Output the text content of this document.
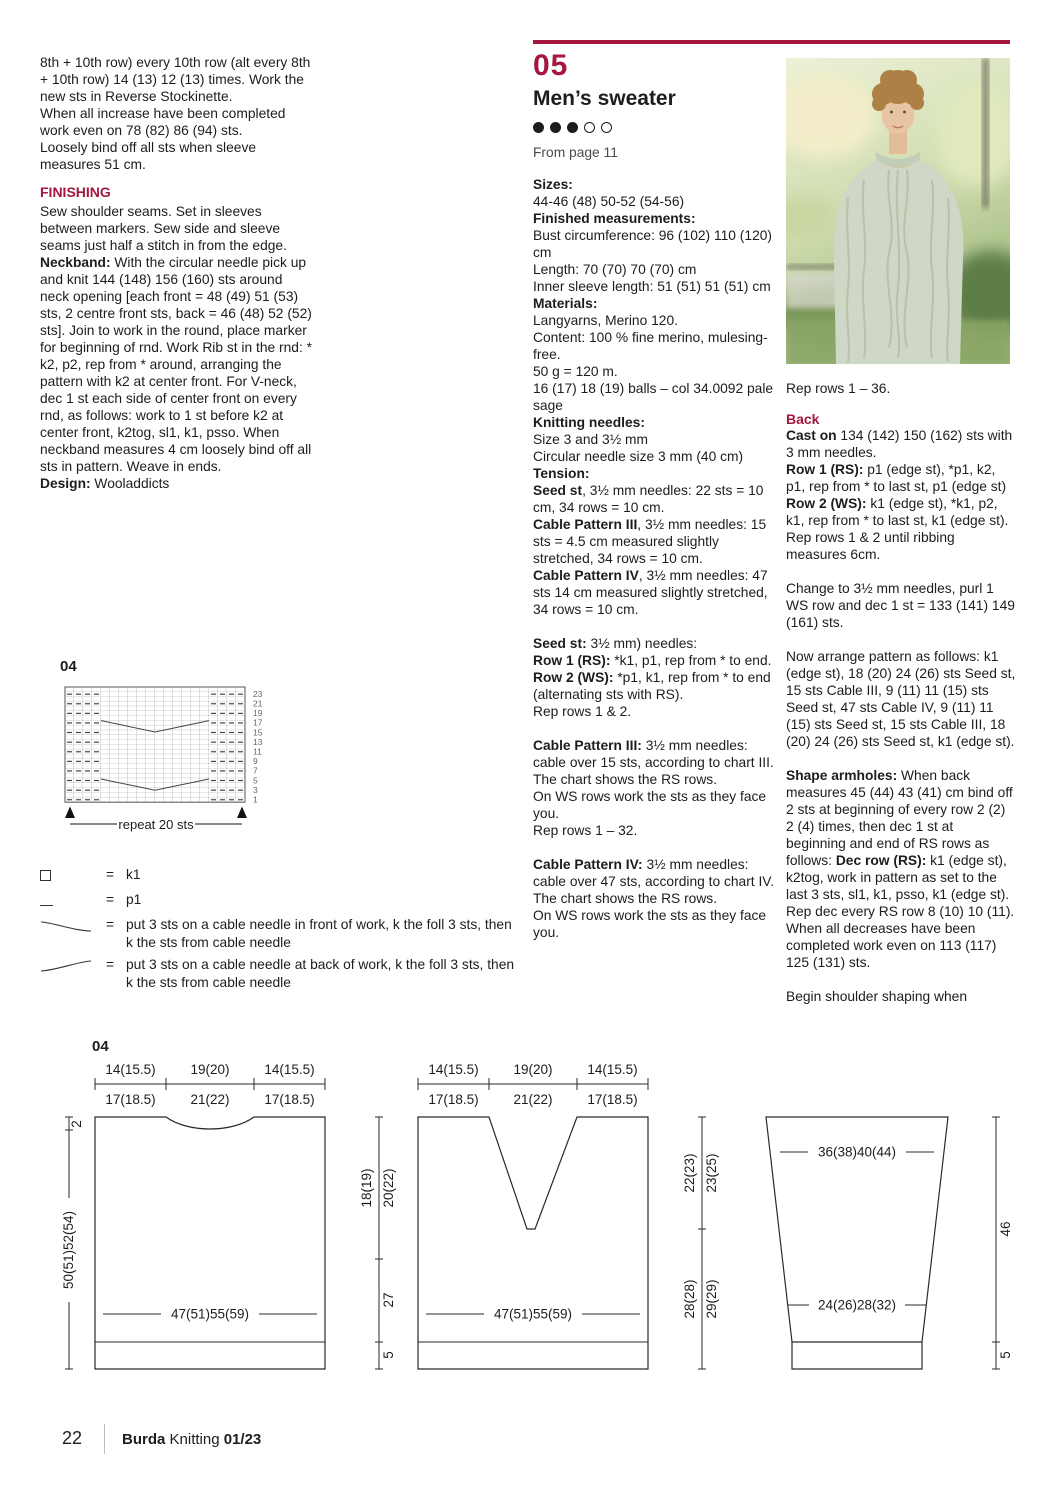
8th + 10th row) every 10th row (alt every 8th + 10th row) 14 (13) 12 (13) times. Work the new sts in Reverse Stockinette.

When all increase have been completed work even on 78 (82) 86 (94) sts.

Loosely bind off all sts when sleeve measures 51 cm.

FINISHING

Sew shoulder seams. Set in sleeves between markers. Sew side and sleeve seams just half a stitch in from the edge.

Neckband: With the circular needle pick up and knit 144 (148) 156 (160) sts around neck opening [each front = 48 (49) 51 (53) sts, 2 centre front sts, back = 46 (48) 52 (52) sts]. Join to work in the round, place marker for beginning of rnd. Work Rib st in the rnd: * k2, p2, rep from * around, arranging the pattern with k2 at center front. For V-neck, dec 1 st each side of center front on every rnd, as follows: work to 1 st before k2 at center front, k2tog, sl1, k1, psso. When neckband measures 4 cm loosely bind off all sts in pattern. Weave in ends.

Design: Wooladdicts

04
23
21
19
17
15
13
11
9
7
5
3
1
repeat 20 sts
= k1
= p1
= put 3 sts on a cable needle in front of work, k the foll 3 sts, then k the sts from cable needle
= put 3 sts on a cable needle at back of work, k the foll 3 sts, then k the sts from cable needle
05
Men’s sweater
From page 11

Sizes:

44-46 (48) 50-52 (54-56)

Finished measurements:

Bust circumference: 96 (102) 110 (120) cm

Length: 70 (70) 70 (70) cm

Inner sleeve length: 51 (51) 51 (51) cm

Materials:

Langyarns, Merino 120.

Content: 100 % fine merino, mulesing-free.

50 g = 120 m.

16 (17) 18 (19) balls – col 34.0092 pale sage

Knitting needles:

Size 3 and 3½ mm

Circular needle size 3 mm (40 cm)

Tension:

Seed st, 3½ mm needles: 22 sts = 10 cm, 34 rows = 10 cm.

Cable Pattern III, 3½ mm needles: 15 sts = 4.5 cm measured slightly stretched, 34 rows = 10 cm.

Cable Pattern IV, 3½ mm needles: 47 sts 14 cm measured slightly stretched, 34 rows = 10 cm.

Seed st: 3½ mm) needles:

Row 1 (RS): *k1, p1, rep from * to end.

Row 2 (WS): *p1, k1, rep from * to end (alternating sts with RS).

Rep rows 1 & 2.

Cable Pattern III: 3½ mm needles: cable over 15 sts, according to chart III.

The chart shows the RS rows.

On WS rows work the sts as they face you.

Rep rows 1 – 32.

Cable Pattern IV: 3½ mm needles: cable over 47 sts, according to chart IV.

The chart shows the RS rows.

On WS rows work the sts as they face you.

Rep rows 1 – 36.

Back

Cast on 134 (142) 150 (162) sts with 3 mm needles.

Row 1 (RS): p1 (edge st), *p1, k2, p1, rep from * to last st, p1 (edge st)

Row 2 (WS): k1 (edge st), *k1, p2, k1, rep from * to last st, k1 (edge st). Rep rows 1 & 2 until ribbing measures 6cm.

Change to 3½ mm needles, purl 1 WS row and dec 1 st = 133 (141) 149 (161) sts.

Now arrange pattern as follows: k1 (edge st), 18 (20) 24 (26) sts Seed st, 15 sts Cable III, 9 (11) 11 (15) sts Seed st, 47 sts Cable IV, 9 (11) 11 (15) sts Seed st, 15 sts Cable III, 18 (20) 24 (26) sts Seed st, k1 (edge st).

Shape armholes: When back measures 45 (44) 43 (41) cm bind off 2 sts at beginning of every row 2 (2) 2 (4) times, then dec 1 st at beginning and end of RS rows as follows: Dec row (RS): k1 (edge st), k2tog, work in pattern as set to the last 3 sts, sl1, k1, psso, k1 (edge st). Rep dec every RS row 8 (10) 10 (11). When all decreases have been completed work even on 113 (117) 125 (131) sts.

Begin shoulder shaping when

04
14(15.5)	19(20)	14(15.5)
17(18.5)	21(22)	17(18.5)
47(51)55(59)
2
50(51)52(54)
18(19) 20(22)
27
5
14(15.5)	19(20)	14(15.5)
17(18.5)	21(22)	17(18.5)
47(51)55(59)
22(23) 23(25)
28(28) 29(29)
36(38)40(44)
24(26)28(32)
46
5
22	Burda Knitting 01/23
